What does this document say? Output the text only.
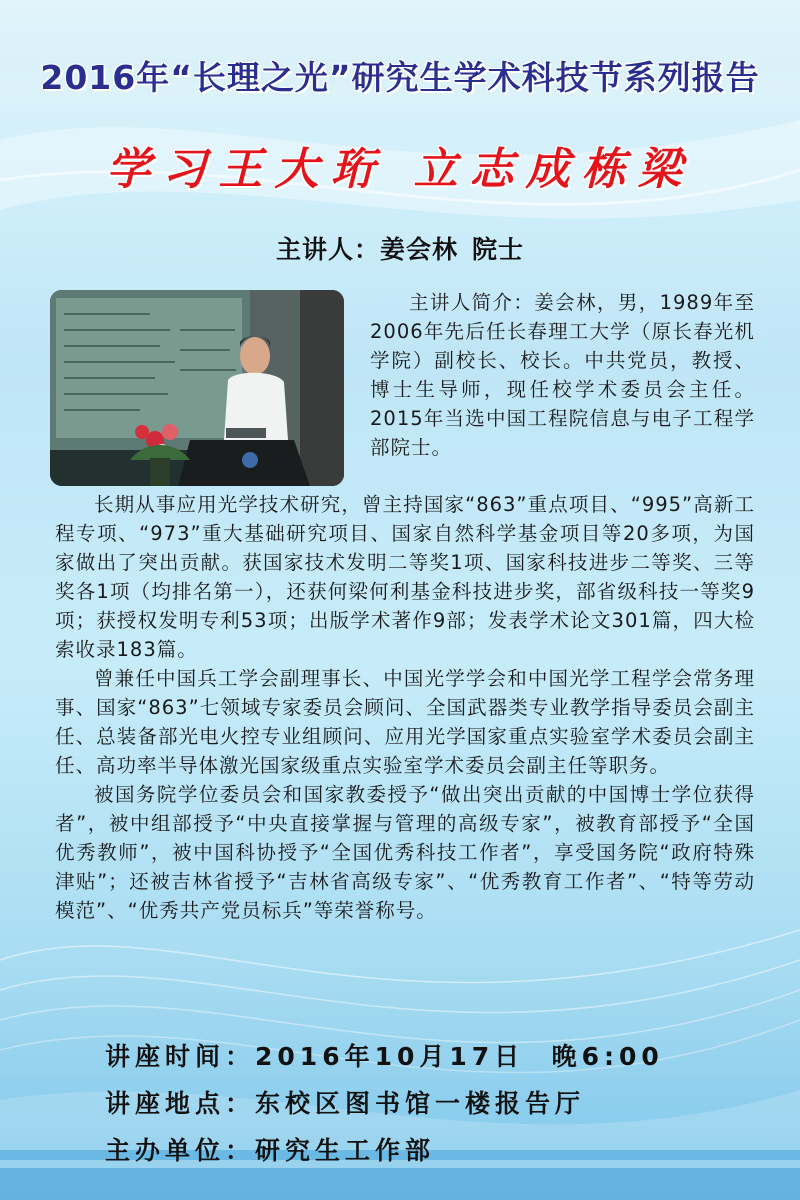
2016年“长理之光”研究生学术科技节系列报告
学习王大珩 立志成栋梁
主讲人：姜会林 院士
主讲人简介：姜会林，男，1989年至2006年先后任长春理工大学（原长春光机学院）副校长、校长。中共党员，教授、博士生导师，现任校学术委员会主任。2015年当选中国工程院信息与电子工程学部院士。

长期从事应用光学技术研究，曾主持国家“863”重点项目、“995”高新工程专项、“973”重大基础研究项目、国家自然科学基金项目等20多项，为国家做出了突出贡献。获国家技术发明二等奖1项、国家科技进步二等奖、三等奖各1项（均排名第一），还获何梁何利基金科技进步奖，部省级科技一等奖9项；获授权发明专利53项；出版学术著作9部；发表学术论文301篇，四大检索收录183篇。

曾兼任中国兵工学会副理事长、中国光学学会和中国光学工程学会常务理事、国家“863”七领域专家委员会顾问、全国武器类专业教学指导委员会副主任、总装备部光电火控专业组顾问、应用光学国家重点实验室学术委员会副主任、高功率半导体激光国家级重点实验室学术委员会副主任等职务。

被国务院学位委员会和国家教委授予“做出突出贡献的中国博士学位获得者”，被中组部授予“中央直接掌握与管理的高级专家”，被教育部授予“全国优秀教师”，被中国科协授予“全国优秀科技工作者”，享受国务院“政府特殊津贴”；还被吉林省授予“吉林省高级专家”、“优秀教育工作者”、“特等劳动模范”、“优秀共产党员标兵”等荣誉称号。

讲座时间：2016年10月17日  晚6:00
讲座地点：东校区图书馆一楼报告厅
主办单位：研究生工作部
